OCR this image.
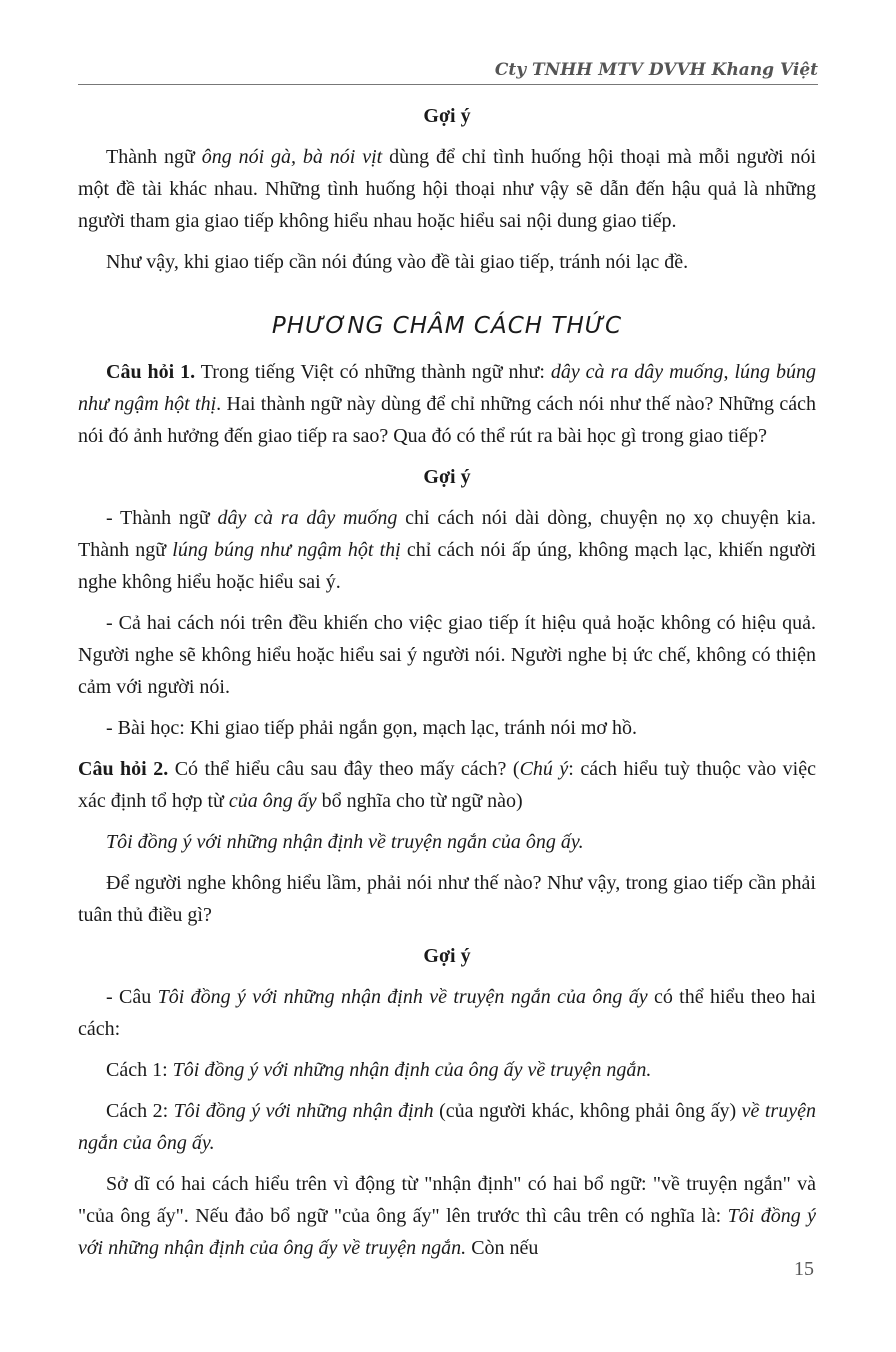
Cty TNHH MTV DVVH Khang Việt

Gợi ý

Thành ngữ ông nói gà, bà nói vịt dùng để chỉ tình huống hội thoại mà mỗi người nói một đề tài khác nhau. Những tình huống hội thoại như vậy sẽ dẫn đến hậu quả là những người tham gia giao tiếp không hiểu nhau hoặc hiểu sai nội dung giao tiếp.

Như vậy, khi giao tiếp cần nói đúng vào đề tài giao tiếp, tránh nói lạc đề.

PHƯƠNG CHÂM CÁCH THỨC

Câu hỏi 1. Trong tiếng Việt có những thành ngữ như: dây cà ra dây muống, lúng búng như ngậm hột thị. Hai thành ngữ này dùng để chỉ những cách nói như thế nào? Những cách nói đó ảnh hưởng đến giao tiếp ra sao? Qua đó có thể rút ra bài học gì trong giao tiếp?

Gợi ý

- Thành ngữ dây cà ra dây muống chỉ cách nói dài dòng, chuyện nọ xọ chuyện kia. Thành ngữ lúng búng như ngậm hột thị chỉ cách nói ấp úng, không mạch lạc, khiến người nghe không hiểu hoặc hiểu sai ý.

- Cả hai cách nói trên đều khiến cho việc giao tiếp ít hiệu quả hoặc không có hiệu quả. Người nghe sẽ không hiểu hoặc hiểu sai ý người nói. Người nghe bị ức chế, không có thiện cảm với người nói.

- Bài học: Khi giao tiếp phải ngắn gọn, mạch lạc, tránh nói mơ hồ.

Câu hỏi 2. Có thể hiểu câu sau đây theo mấy cách? (Chú ý: cách hiểu tuỳ thuộc vào việc xác định tổ hợp từ của ông ấy bổ nghĩa cho từ ngữ nào)

Tôi đồng ý với những nhận định về truyện ngắn của ông ấy.

Để người nghe không hiểu lầm, phải nói như thế nào? Như vậy, trong giao tiếp cần phải tuân thủ điều gì?

Gợi ý

- Câu Tôi đồng ý với những nhận định về truyện ngắn của ông ấy có thể hiểu theo hai cách:

Cách 1: Tôi đồng ý với những nhận định của ông ấy về truyện ngắn.

Cách 2: Tôi đồng ý với những nhận định (của người khác, không phải ông ấy) về truyện ngắn của ông ấy.

Sở dĩ có hai cách hiểu trên vì động từ "nhận định" có hai bổ ngữ: "về truyện ngắn" và "của ông ấy". Nếu đảo bổ ngữ "của ông ấy" lên trước thì câu trên có nghĩa là: Tôi đồng ý với những nhận định của ông ấy về truyện ngắn. Còn nếu

15
